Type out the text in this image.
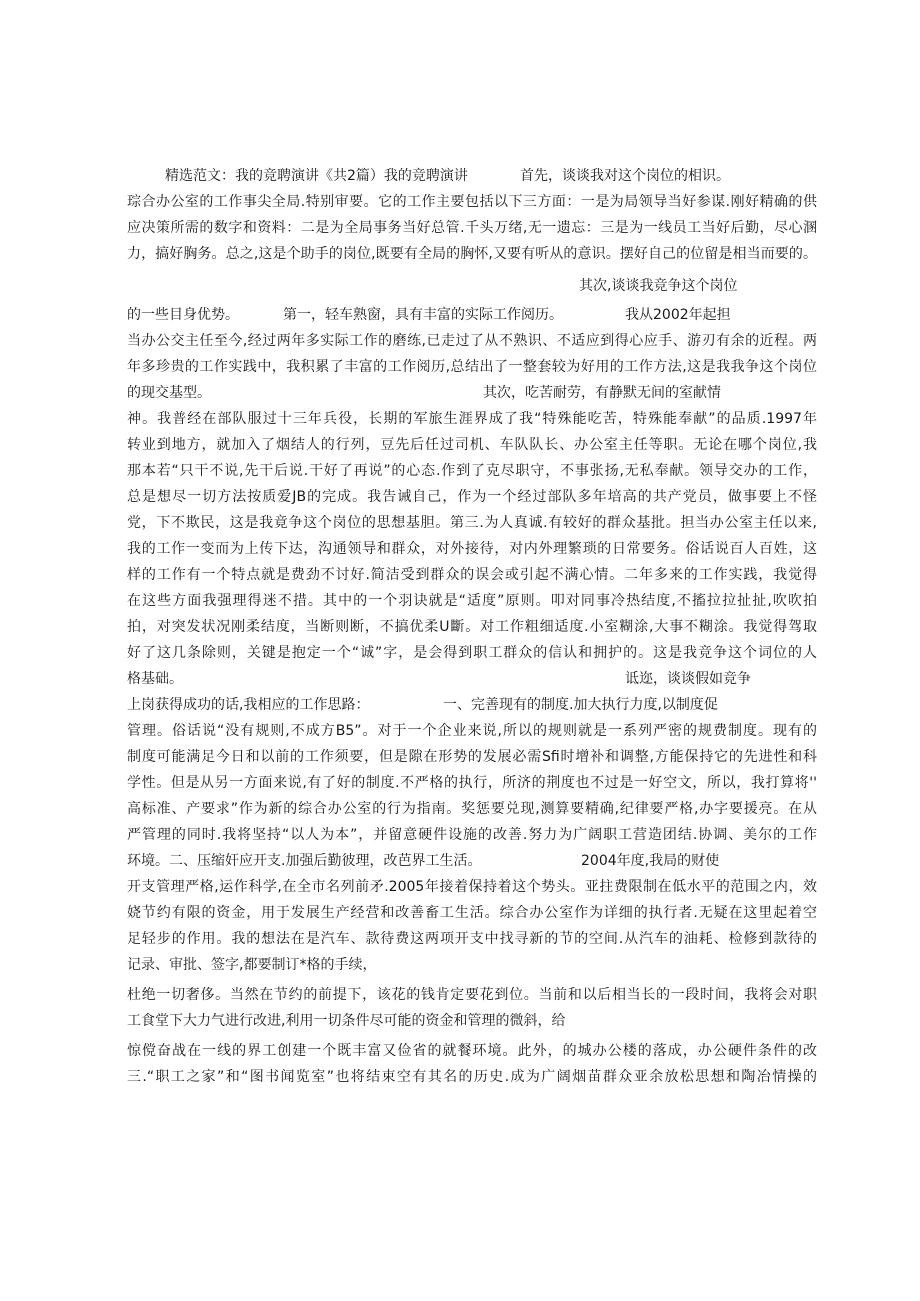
精选范文：我的竞聘演讲《共2篇）我的竞聘演讲	首先，谈谈我对这个岗位的相识。
琮合办公室的工作事尖全局.特别审要。它的工作主要包括以下三方面：一是为局领导当好参谋.刚好精确的供
应决策所需的数字和资料：二是为全局事务当好总管.千头万绪,无一遗忘：三是为一线员工当好后勤，尽心溷
力，搞好胸务。总之,这是个助手的岗位,既要有全局的胸怀,又要有听从的意识。摆好自己的位留是相当而要的。
其次,谈谈我竞争这个岗位
的一些目身优势。	第一，轻车熟窗，具有丰富的实际工作阅历。	我从2002年起担
当办公交主任至今,经过两年多实际工作的磨练,已走过了从不熟识、不适应到得心应手、游刃有余的近程。两
年多珍贵的工作实践中，我积累了丰富的工作阅历,总结出了一整套较为好用的工作方法,这是我我争这个岗位
的现交基型。	其次，吃苦耐劳，有静默无间的室献情
神。我普经在部队服过十三年兵役，长期的军旅生涯界成了我“特殊能吃苦，特殊能奉献”的品质.1997年
转业到地方，就加入了烟结人的行列，豆先后任过司机、车队队长、办公室主任等职。无论在哪个岗位,我
那本若“只干不说,先干后说.干好了再说”的心态.作到了克尽职守，不事张扬,无私奉献。领导交办的工作，
总是想尽一切方法按质爱JB的完成。我告诫自己，作为一个经过部队多年培高的共产党员，做事要上不怪
党，下不欺民，这是我竟争这个岗位的思想基胆。第三.为人真诚.有较好的群众基批。担当办公室主任以来,
我的工作一变而为上传下达，沟通领导和群众，对外接待，对内外理繁琐的日常要务。俗话说百人百姓，这
样的工作有一个特点就是费劲不讨好.简洁受到群众的误会或引起不满心情。二年多来的工作实践，我觉得
在这些方面我强理得迷不措。其中的一个羽诀就是“适度”原则。叩对同事冷热结度,不搐拉拉扯扯,吹吹拍
拍，对突发状况刚柔结度，当断则断，不搞优柔U斷。对工作粗细适度.小室糊涂,大事不糊涂。我觉得驾取
好了这几条除则，关键是抱定一个“诚”字，是会得到职工群众的信认和拥护的。这是我竞争这个词位的人
格基础。	诋迩，谈谈假如竞争
上岗获得成功的话,我相应的工作思路：	一、完善现有的制度.加大执行力度,以制度促
管理。俗话说“没有规则,不成方B5”。对于一个企业来说,所以的规则就是一系列严密的规费制度。现有的
制度可能满足今日和以前的工作须要，但是隙在形势的发展必需Sfi时增补和调整,方能保持它的先进性和科
学性。但是从另一方面来说,有了好的制度.不严格的执行，所济的荆度也不过是一好空文，所以，我打算将''
高标准、产要求”作为新的综合办公室的行为指南。奖惩要兑现,测算要精确,纪律要严格,办字要援亮。在从
严管理的同时.我将坚持“以人为本”，并留意硬件设施的改善.努力为广阔职工营造团结.协调、美尔的工作
环境。二、压缩奸应开支.加强后勤彼理，改芭界工生活。	2004年度,我局的财使
开支管理严格,运作科学,在全市名列前矛.2005年接着保持着这个势头。亚拄费限制在低水平的范围之内，效
娆节约有限的资金，用于发展生产经营和改善畜工生活。综合办公室作为详细的执行者.无疑在这里起着空
足轻步的作用。我的想法在是汽车、款待费这两项开支中找寻新的节的空间.从汽车的油耗、检修到款待的
记录、审批、签字,都要制订*格的手续，
杜绝一切奢侈。当然在节约的前提下，该花的钱肯定要花到位。当前和以后相当长的一段时间，我将会对职
工食堂下大力气进行改进,利用一切条件尽可能的资金和管理的微斜，给
惊傥奋战在一线的界工创建一个既丰富又俭省的就餐环境。此外，的城办公楼的落成，办公硬件条件的改
三.“职工之家”和“图书闻览室”也将结束空有其名的历史.成为广阔烟苗群众亚余放松思想和陶冶情操的
